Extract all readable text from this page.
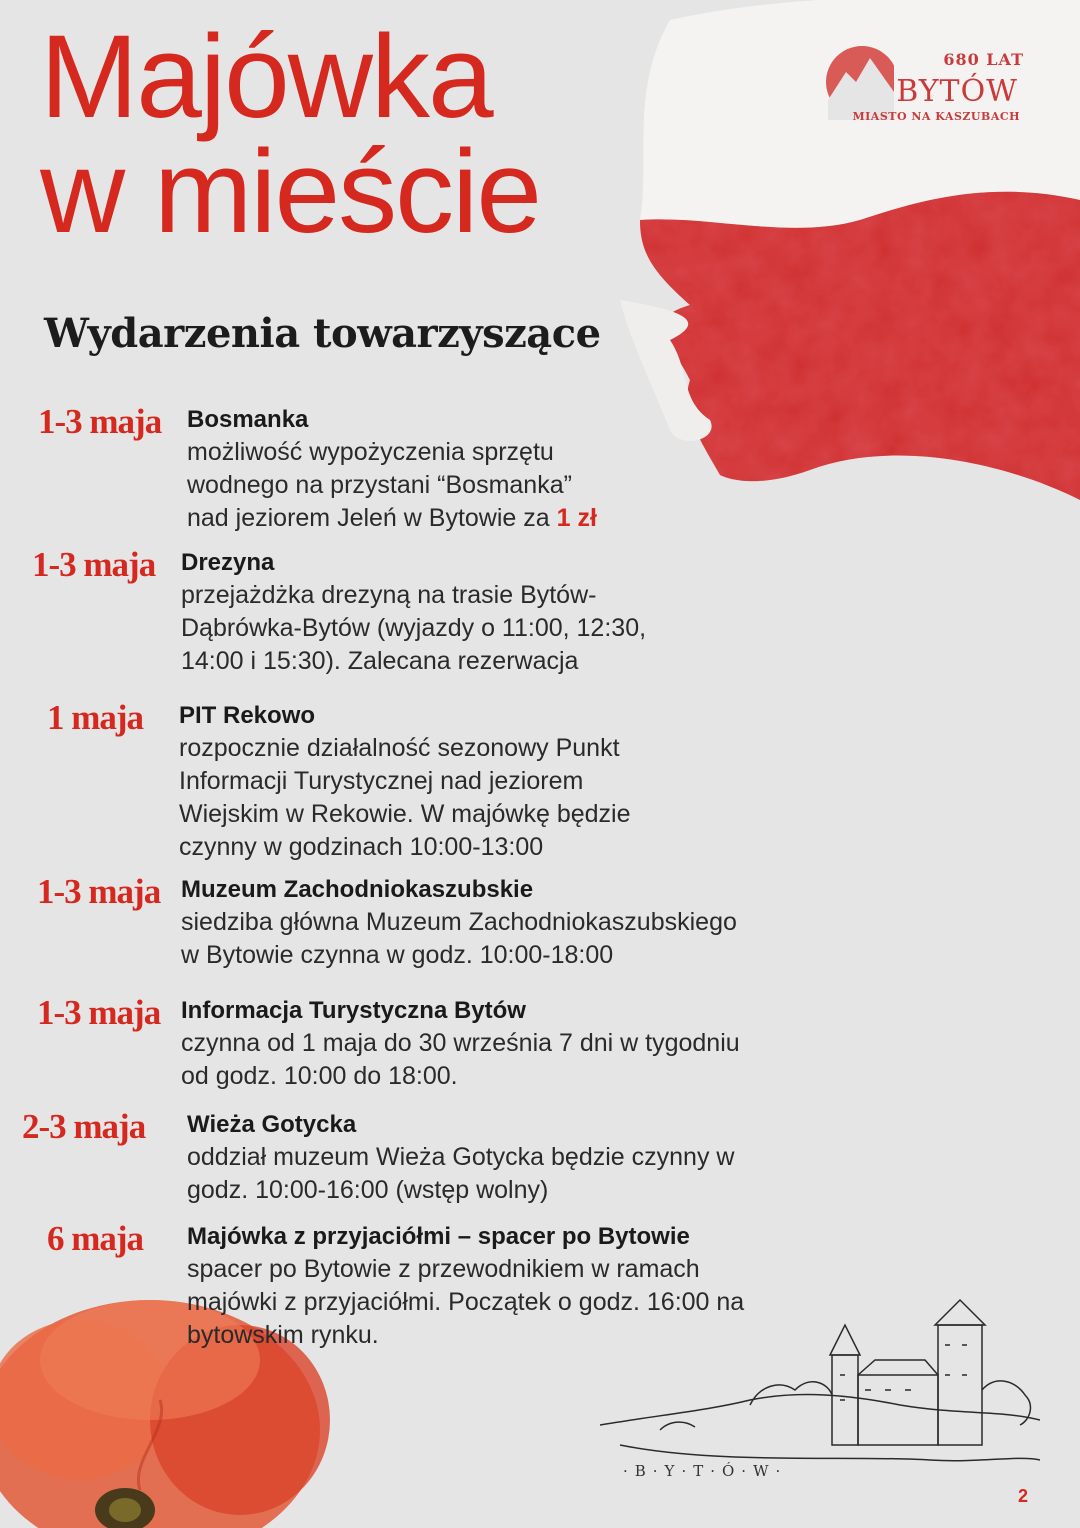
680 LAT
BYTÓW
MIASTO NA KASZUBACH
Majówka
w mieście
Wydarzenia towarzyszące
1-3 maja Bosmanka

możliwość wypożyczenia sprzętu

wodnego na przystani “Bosmanka”

nad jeziorem Jeleń w Bytowie za 1 zł

1-3 maja Drezyna

przejażdżka drezyną na trasie Bytów-

Dąbrówka-Bytów (wyjazdy o 11:00, 12:30,

14:00 i 15:30). Zalecana rezerwacja

1 maja PIT Rekowo

rozpocznie działalność sezonowy Punkt

Informacji Turystycznej nad jeziorem

Wiejskim w Rekowie. W majówkę będzie

czynny w godzinach 10:00-13:00

1-3 maja Muzeum Zachodniokaszubskie

siedziba główna Muzeum Zachodniokaszubskiego

w Bytowie czynna w godz. 10:00-18:00

1-3 maja Informacja Turystyczna Bytów

czynna od 1 maja do 30 września 7 dni w tygodniu

od godz. 10:00 do 18:00.

2-3 maja Wieża Gotycka

oddział muzeum Wieża Gotycka będzie czynny w

godz. 10:00-16:00 (wstęp wolny)

6 maja Majówka z przyjaciółmi – spacer po Bytowie

spacer po Bytowie z przewodnikiem w ramach

majówki z przyjaciółmi. Początek o godz. 16:00 na

bytowskim rynku.

·B·Y·T·Ó·W·
2
